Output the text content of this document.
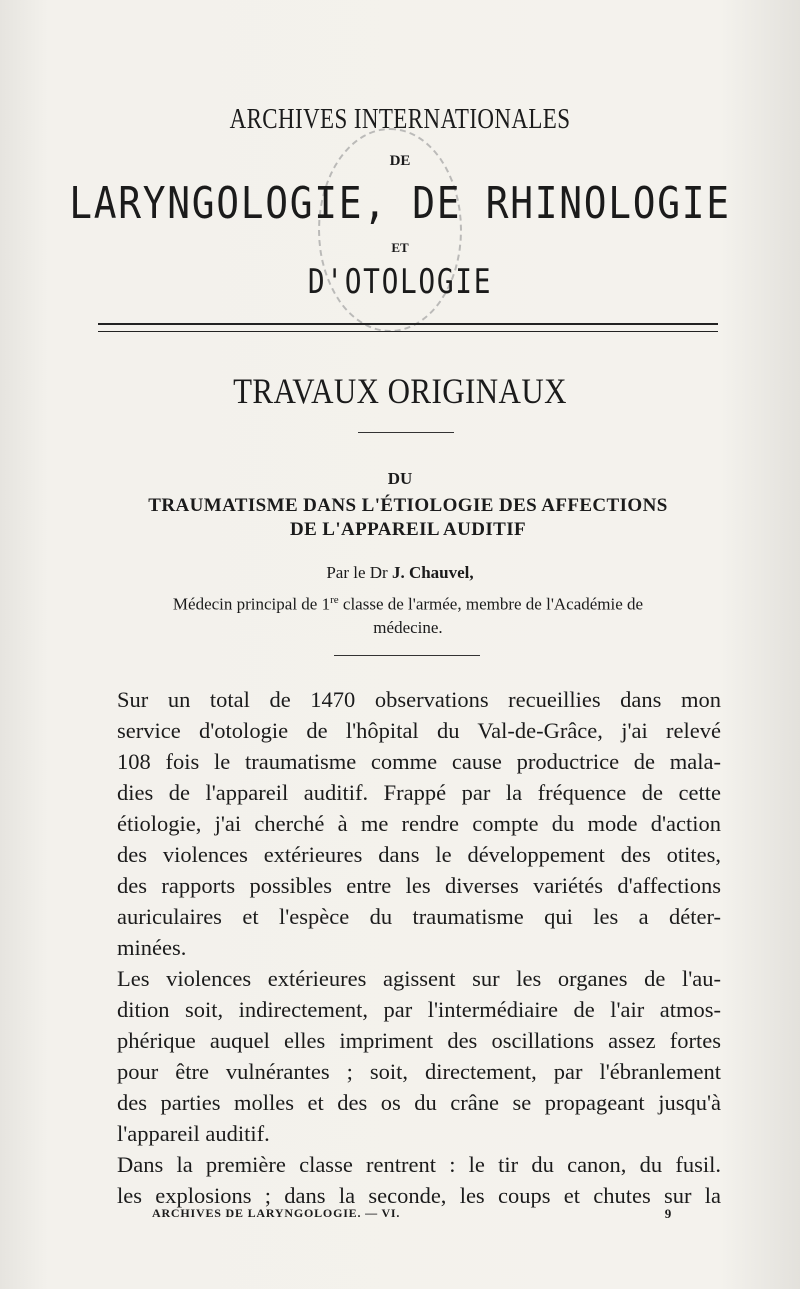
ARCHIVES INTERNATIONALES
DE
LARYNGOLOGIE, DE RHINOLOGIE
ET
D'OTOLOGIE
TRAVAUX ORIGINAUX
DU
TRAUMATISME DANS L'ÉTIOLOGIE DES AFFECTIONS
DE L'APPAREIL AUDITIF
Par le Dr J. Chauvel,
Médecin principal de 1re classe de l'armée, membre de l'Académie de
médecine.
Sur un total de 1470 observations recueillies dans mon
service d'otologie de l'hôpital du Val-de-Grâce, j'ai relevé
108 fois le traumatisme comme cause productrice de mala-
dies de l'appareil auditif. Frappé par la fréquence de cette
étiologie, j'ai cherché à me rendre compte du mode d'action
des violences extérieures dans le développement des otites,
des rapports possibles entre les diverses variétés d'affections
auriculaires et l'espèce du traumatisme qui les a déter-
minées.
Les violences extérieures agissent sur les organes de l'au-
dition soit, indirectement, par l'intermédiaire de l'air atmos-
phérique auquel elles impriment des oscillations assez fortes
pour être vulnérantes ; soit, directement, par l'ébranlement
des parties molles et des os du crâne se propageant jusqu'à
l'appareil auditif.
Dans la première classe rentrent : le tir du canon, du fusil.
les explosions ; dans la seconde, les coups et chutes sur la
ARCHIVES DE LARYNGOLOGIE. — VI.	9
